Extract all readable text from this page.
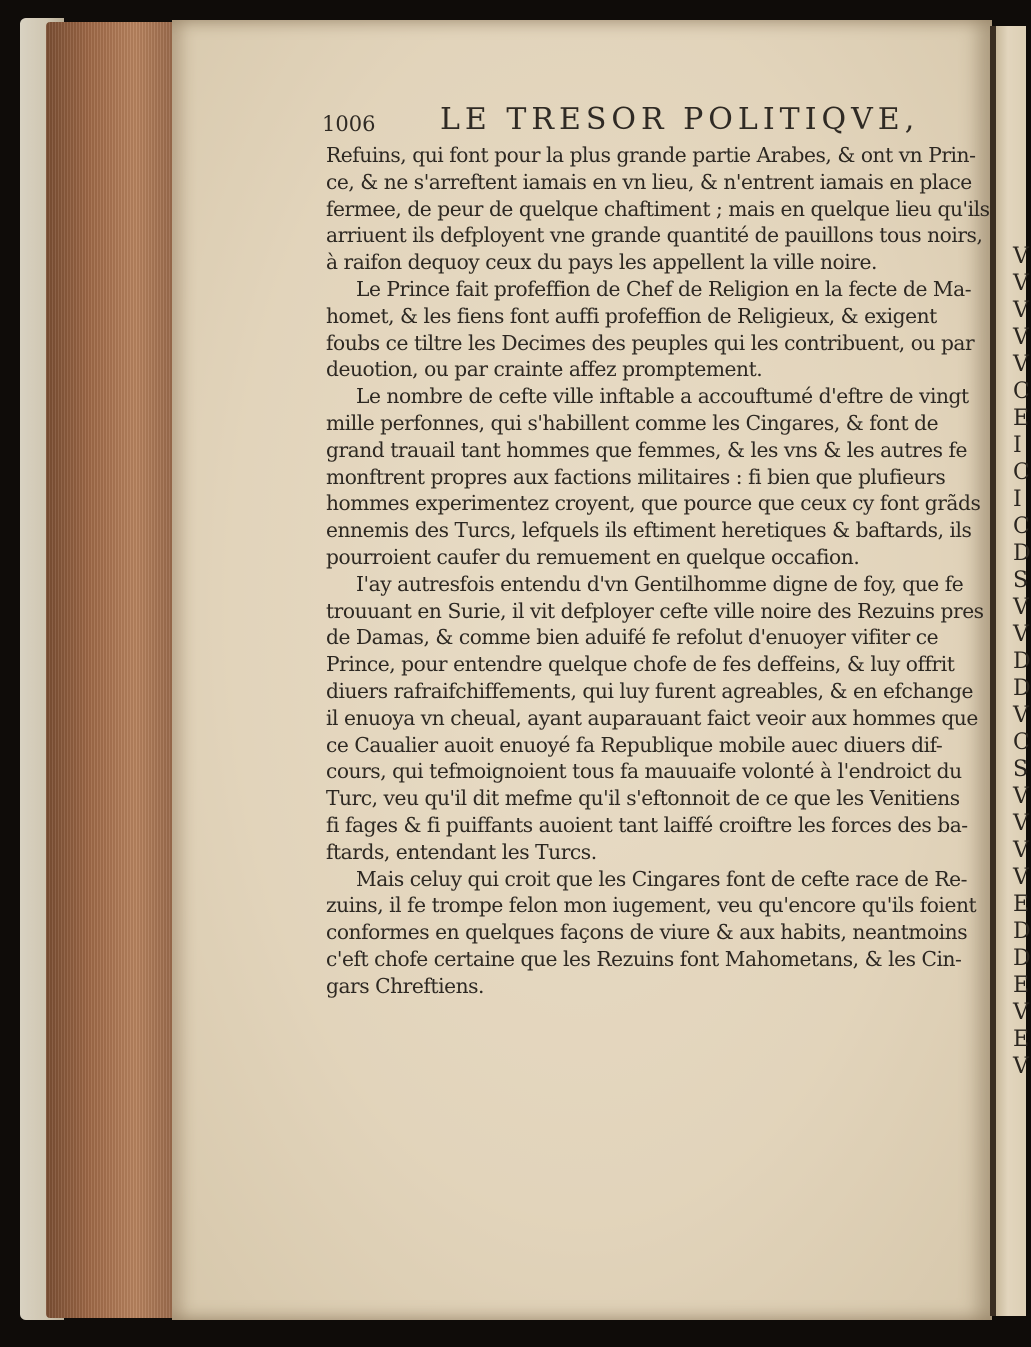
1006 LE TRESOR POLITIQVE,
Refuins, qui font pour la plus grande partie Arabes, & ont vn Prin-
ce, & ne s'arreftent iamais en vn lieu, & n'entrent iamais en place
fermee, de peur de quelque chaftiment ; mais en quelque lieu qu'ils
arriuent ils defployent vne grande quantité de pauillons tous noirs,
à raifon dequoy ceux du pays les appellent la ville noire.
Le Prince fait profeffion de Chef de Religion en la fecte de Ma-
homet, & les fiens font auffi profeffion de Religieux, & exigent
foubs ce tiltre les Decimes des peuples qui les contribuent, ou par
deuotion, ou par crainte affez promptement.
Le nombre de cefte ville inftable a accouftumé d'eftre de vingt
mille perfonnes, qui s'habillent comme les Cingares, & font de
grand trauail tant hommes que femmes, & les vns & les autres fe
monftrent propres aux factions militaires : fi bien que plufieurs
hommes experimentez croyent, que pource que ceux cy font grãds
ennemis des Turcs, lefquels ils eftiment heretiques & baftards, ils
pourroient caufer du remuement en quelque occafion.
I'ay autresfois entendu d'vn Gentilhomme digne de foy, que fe
trouuant en Surie, il vit defployer cefte ville noire des Rezuins pres
de Damas, & comme bien aduifé fe refolut d'enuoyer vifiter ce
Prince, pour entendre quelque chofe de fes deffeins, & luy offrit
diuers rafraifchiffements, qui luy furent agreables, & en efchange
il enuoya vn cheual, ayant auparauant faict veoir aux hommes que
ce Caualier auoit enuoyé fa Republique mobile auec diuers dif-
cours, qui tefmoignoient tous fa mauuaife volonté à l'endroict du
Turc, veu qu'il dit mefme qu'il s'eftonnoit de ce que les Venitiens
fi fages & fi puiffants auoient tant laiffé croiftre les forces des ba-
ftards, entendant les Turcs.
Mais celuy qui croit que les Cingares font de cefte race de Re-
zuins, il fe trompe felon mon iugement, veu qu'encore qu'ils foient
conformes en quelques façons de viure & aux habits, neantmoins
c'eft chofe certaine que les Rezuins font Mahometans, & les Cin-
gars Chreftiens.
V
V
V
V
V
C
E
I
C
I
C
D
S
V
V
D
D
V
C
S
V
V
V
V
E
D
D
E
V
E
V
